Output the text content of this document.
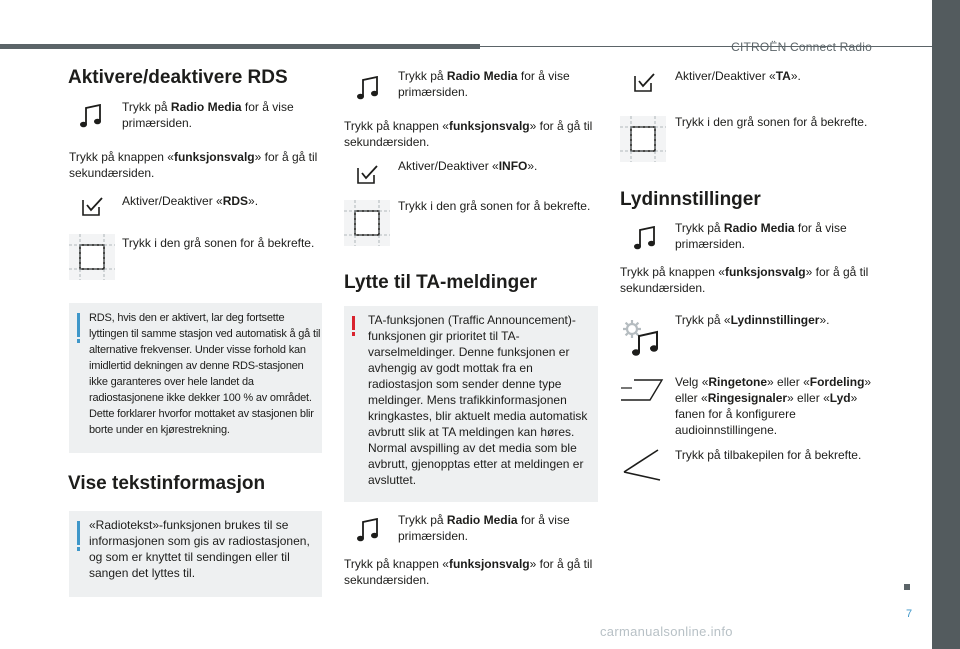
CITROËN Connect Radio
7
carmanualsonline.info
Aktivere/deaktivere RDS
Trykk på Radio Media for å vise primærsiden.
Trykk på knappen «funksjonsvalg» for å gå til sekundærsiden.
Aktiver/Deaktiver «RDS».
Trykk i den grå sonen for å bekrefte.
RDS, hvis den er aktivert, lar deg fortsette lyttingen til samme stasjon ved automatisk å gå til alternative frekvenser. Under visse forhold kan imidlertid dekningen av denne RDS-stasjonen ikke garanteres over hele landet da radiostasjonene ikke dekker 100 % av området. Dette forklarer hvorfor mottaket av stasjonen blir borte under en kjørestrekning.
Vise tekstinformasjon
«Radiotekst»-funksjonen brukes til se informasjonen som gis av radiostasjonen, og som er knyttet til sendingen eller til sangen det lyttes til.
Trykk på Radio Media for å vise primærsiden.
Trykk på knappen «funksjonsvalg» for å gå til sekundærsiden.
Aktiver/Deaktiver «INFO».
Trykk i den grå sonen for å bekrefte.
Lytte til TA-meldinger
TA-funksjonen (Traffic Announcement)-funksjonen gir prioritet til TA-varselmeldinger. Denne funksjonen er avhengig av godt mottak fra en radiostasjon som sender denne type meldinger. Mens trafikkinformasjonen kringkastes, blir aktuelt media automatisk avbrutt slik at TA meldingen kan høres. Normal avspilling av det media som ble avbrutt, gjenopptas etter at meldingen er avsluttet.
Trykk på Radio Media for å vise primærsiden.
Trykk på knappen «funksjonsvalg» for å gå til sekundærsiden.
Aktiver/Deaktiver «TA».
Trykk i den grå sonen for å bekrefte.
Lydinnstillinger
Trykk på Radio Media for å vise primærsiden.
Trykk på knappen «funksjonsvalg» for å gå til sekundærsiden.
Trykk på «Lydinnstillinger».
Velg «Ringetone» eller «Fordeling» eller «Ringesignaler» eller «Lyd» fanen for å konfigurere audioinnstillingene.
Trykk på tilbakepilen for å bekrefte.
